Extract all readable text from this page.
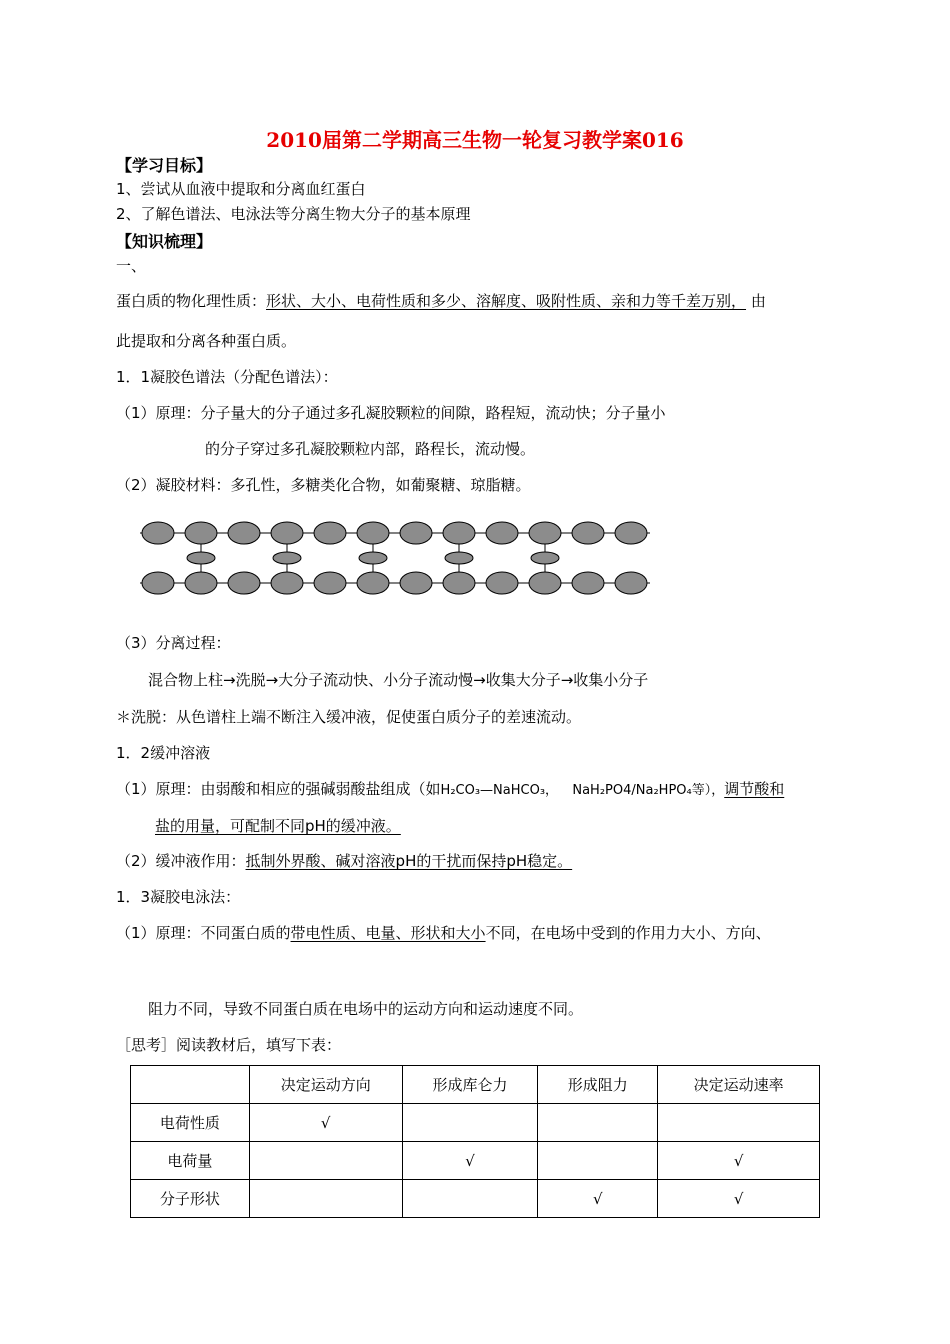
2010届第二学期高三生物一轮复习教学案016
【学习目标】
1、尝试从血液中提取和分离血红蛋白
2、了解色谱法、电泳法等分离生物大分子的基本原理
【知识梳理】
一、
蛋白质的物化理性质：形状、大小、电荷性质和多少、溶解度、吸附性质、亲和力等千差万别， 由
此提取和分离各种蛋白质。
1．1凝胶色谱法（分配色谱法）：
（1）原理：分子量大的分子通过多孔凝胶颗粒的间隙，路程短，流动快；分子量小
的分子穿过多孔凝胶颗粒内部，路程长，流动慢。
（2）凝胶材料：多孔性，多糖类化合物，如葡聚糖、琼脂糖。
（3）分离过程：
混合物上柱→洗脱→大分子流动快、小分子流动慢→收集大分子→收集小分子
＊洗脱：从色谱柱上端不断注入缓冲液，促使蛋白质分子的差速流动。
1．2缓冲溶液
（1）原理：由弱酸和相应的强碱弱酸盐组成（如H₂CO₃—NaHCO₃， NaH₂PO4/Na₂HPO₄等），调节酸和
盐的用量，可配制不同pH的缓冲液。
（2）缓冲液作用：抵制外界酸、碱对溶液pH的干扰而保持pH稳定。
1．3凝胶电泳法：
（1）原理：不同蛋白质的带电性质、电量、形状和大小不同，在电场中受到的作用力大小、方向、
阻力不同，导致不同蛋白质在电场中的运动方向和运动速度不同。
［思考］阅读教材后，填写下表：
	决定运动方向	形成库仑力	形成阻力	决定运动速率
电荷性质	√			
电荷量		√		√
分子形状			√	√
